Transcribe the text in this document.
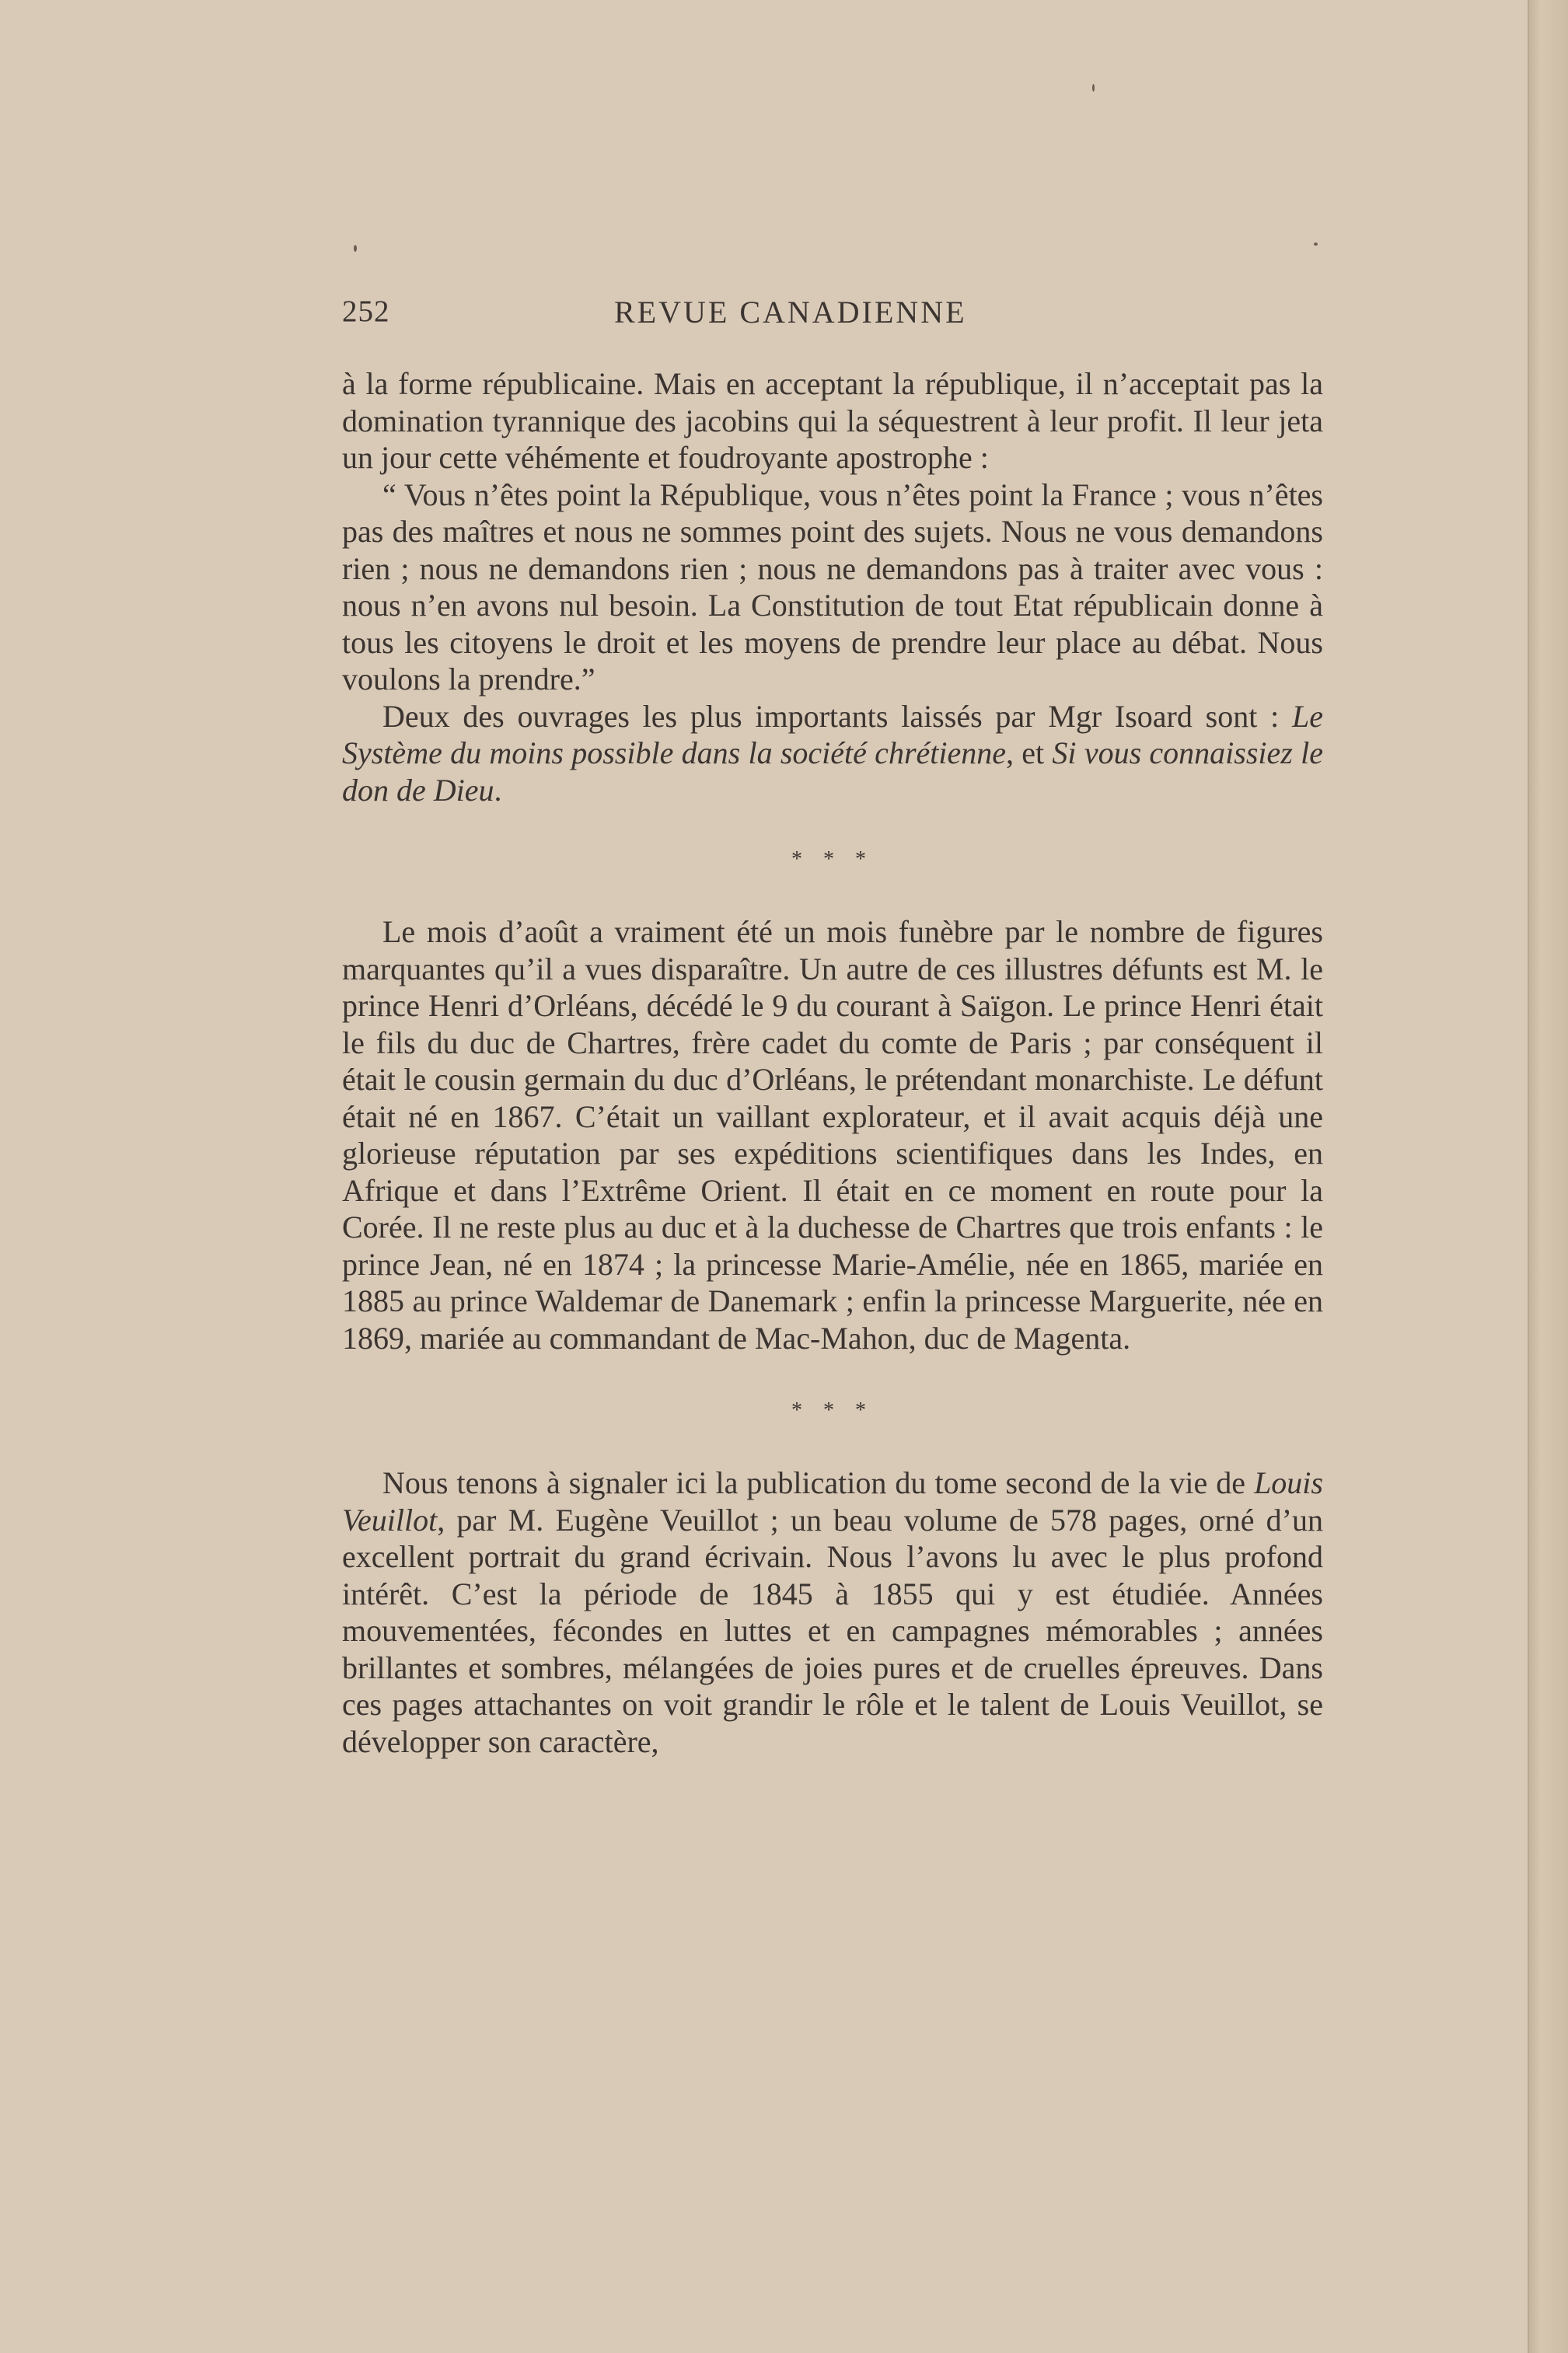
252	REVUE CANADIENNE

à la forme républicaine. Mais en acceptant la république, il n’acceptait pas la domination tyrannique des jacobins qui la séquestrent à leur profit. Il leur jeta un jour cette véhémente et foudroyante apostrophe :

“ Vous n’êtes point la République, vous n’êtes point la France ; vous n’êtes pas des maîtres et nous ne sommes point des sujets. Nous ne vous demandons rien ; nous ne demandons rien ; nous ne demandons pas à traiter avec vous : nous n’en avons nul besoin. La Constitution de tout Etat républicain donne à tous les citoyens le droit et les moyens de prendre leur place au débat. Nous voulons la prendre.”

Deux des ouvrages les plus importants laissés par Mgr Isoard sont : Le Système du moins possible dans la société chrétienne, et Si vous connaissiez le don de Dieu.

* * *

Le mois d’août a vraiment été un mois funèbre par le nombre de figures marquantes qu’il a vues disparaître. Un autre de ces illustres défunts est M. le prince Henri d’Orléans, décédé le 9 du courant à Saïgon. Le prince Henri était le fils du duc de Chartres, frère cadet du comte de Paris ; par conséquent il était le cousin germain du duc d’Orléans, le prétendant monarchiste. Le défunt était né en 1867. C’était un vaillant explorateur, et il avait acquis déjà une glorieuse réputation par ses expéditions scientifiques dans les Indes, en Afrique et dans l’Extrême Orient. Il était en ce moment en route pour la Corée. Il ne reste plus au duc et à la duchesse de Chartres que trois enfants : le prince Jean, né en 1874 ; la princesse Marie-Amélie, née en 1865, mariée en 1885 au prince Waldemar de Danemark ; enfin la princesse Marguerite, née en 1869, mariée au commandant de Mac-Mahon, duc de Magenta.

* * *

Nous tenons à signaler ici la publication du tome second de la vie de Louis Veuillot, par M. Eugène Veuillot ; un beau volume de 578 pages, orné d’un excellent portrait du grand écrivain. Nous l’avons lu avec le plus profond intérêt. C’est la période de 1845 à 1855 qui y est étudiée. Années mouvementées, fécondes en luttes et en campagnes mémorables ; années brillantes et sombres, mélangées de joies pures et de cruelles épreuves. Dans ces pages attachantes on voit grandir le rôle et le talent de Louis Veuillot, se développer son caractère,
